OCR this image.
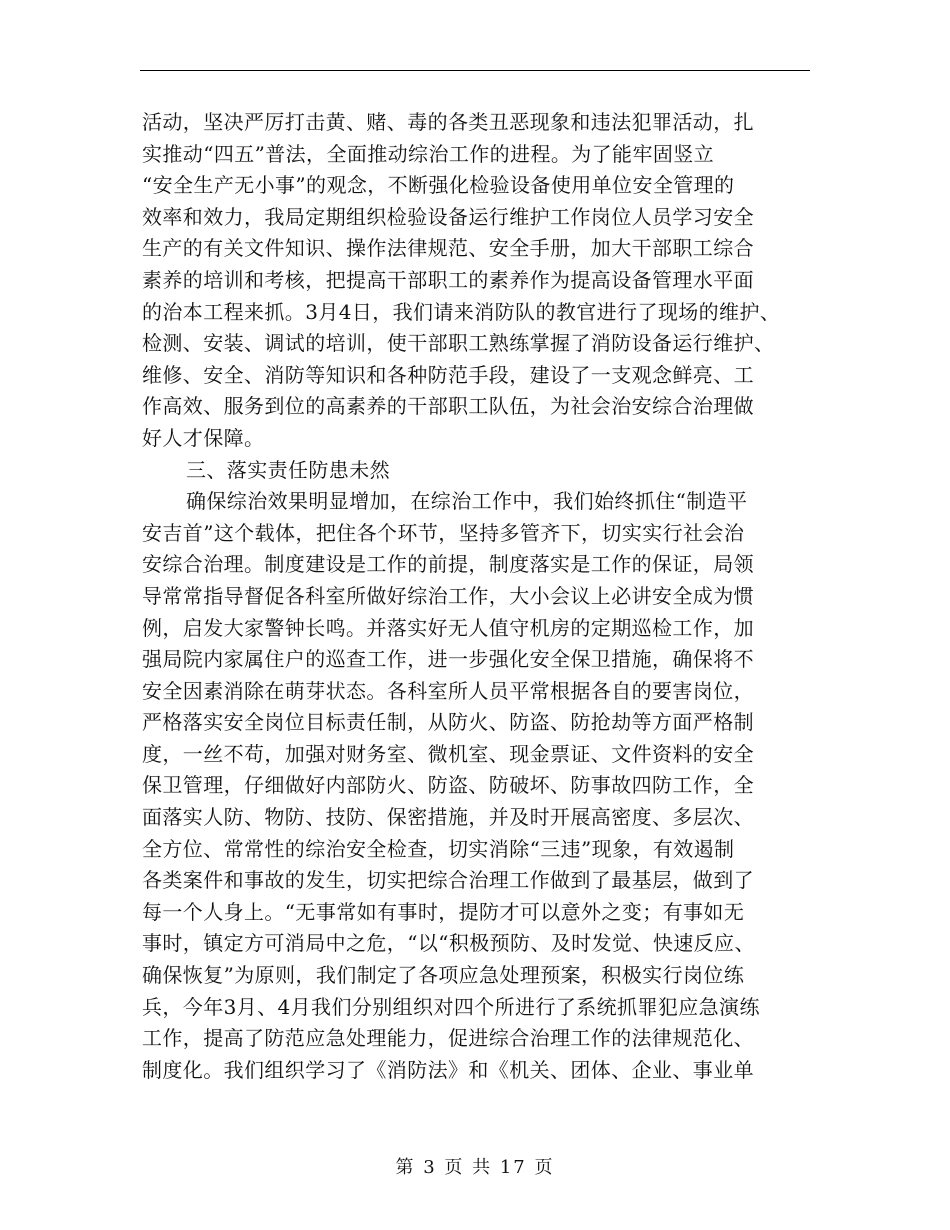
活动，坚决严厉打击黄、赌、毒的各类丑恶现象和违法犯罪活动，扎
实推动“四五”普法，全面推动综治工作的进程。为了能牢固竖立
“安全生产无小事”的观念，不断强化检验设备使用单位安全管理的
效率和效力，我局定期组织检验设备运行维护工作岗位人员学习安全
生产的有关文件知识、操作法律规范、安全手册，加大干部职工综合
素养的培训和考核，把提高干部职工的素养作为提高设备管理水平面
的治本工程来抓。3月4日，我们请来消防队的教官进行了现场的维护、
检测、安装、调试的培训，使干部职工熟练掌握了消防设备运行维护、
维修、安全、消防等知识和各种防范手段，建设了一支观念鲜亮、工
作高效、服务到位的高素养的干部职工队伍，为社会治安综合治理做
好人才保障。
三、落实责任防患未然
确保综治效果明显增加，在综治工作中，我们始终抓住“制造平
安吉首”这个载体，把住各个环节，坚持多管齐下，切实实行社会治
安综合治理。制度建设是工作的前提，制度落实是工作的保证，局领
导常常指导督促各科室所做好综治工作，大小会议上必讲安全成为惯
例，启发大家警钟长鸣。并落实好无人值守机房的定期巡检工作，加
强局院内家属住户的巡查工作，进一步强化安全保卫措施，确保将不
安全因素消除在萌芽状态。各科室所人员平常根据各自的要害岗位，
严格落实安全岗位目标责任制，从防火、防盗、防抢劫等方面严格制
度，一丝不苟，加强对财务室、微机室、现金票证、文件资料的安全
保卫管理，仔细做好内部防火、防盗、防破坏、防事故四防工作，全
面落实人防、物防、技防、保密措施，并及时开展高密度、多层次、
全方位、常常性的综治安全检查，切实消除“三违”现象，有效遏制
各类案件和事故的发生，切实把综合治理工作做到了最基层，做到了
每一个人身上。“无事常如有事时，提防才可以意外之变；有事如无
事时，镇定方可消局中之危，“以“积极预防、及时发觉、快速反应、
确保恢复”为原则，我们制定了各项应急处理预案，积极实行岗位练
兵，今年3月、4月我们分别组织对四个所进行了系统抓罪犯应急演练
工作，提高了防范应急处理能力，促进综合治理工作的法律规范化、
制度化。我们组织学习了《消防法》和《机关、团体、企业、事业单
第 3 页 共 17 页
